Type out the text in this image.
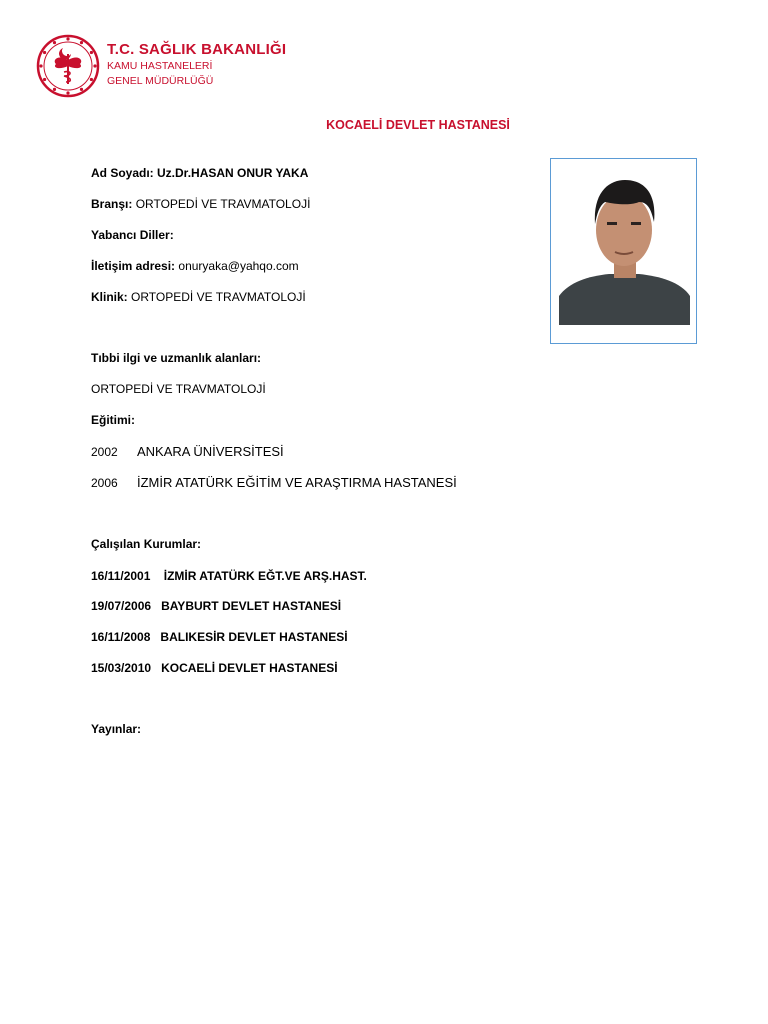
T.C. SAĞLIK BAKANLIĞI
KAMU HASTANELERİ
GENEL MÜDÜRLÜĞÜ
KOCAELİ DEVLET HASTANESİ
Ad Soyadı: Uz.Dr.HASAN ONUR YAKA
Branşı: ORTOPEDİ VE TRAVMATOLOJİ
Yabancı Diller:
İletişim adresi: onuryaka@yahqo.com
Klinik: ORTOPEDİ VE TRAVMATOLOJİ
Tıbbi ilgi ve uzmanlık alanları:
ORTOPEDİ VE TRAVMATOLOJİ
Eğitimi:
2002 ANKARA ÜNİVERSİTESİ
2006 İZMİR ATATÜRK EĞİTİM VE ARAŞTIRMA HASTANESİ
Çalışılan Kurumlar:
16/11/2001 İZMİR ATATÜRK EĞT.VE ARŞ.HAST.
19/07/2006 BAYBURT DEVLET HASTANESİ
16/11/2008 BALIKESİR DEVLET HASTANESİ
15/03/2010 KOCAELİ DEVLET HASTANESİ
Yayınlar:
